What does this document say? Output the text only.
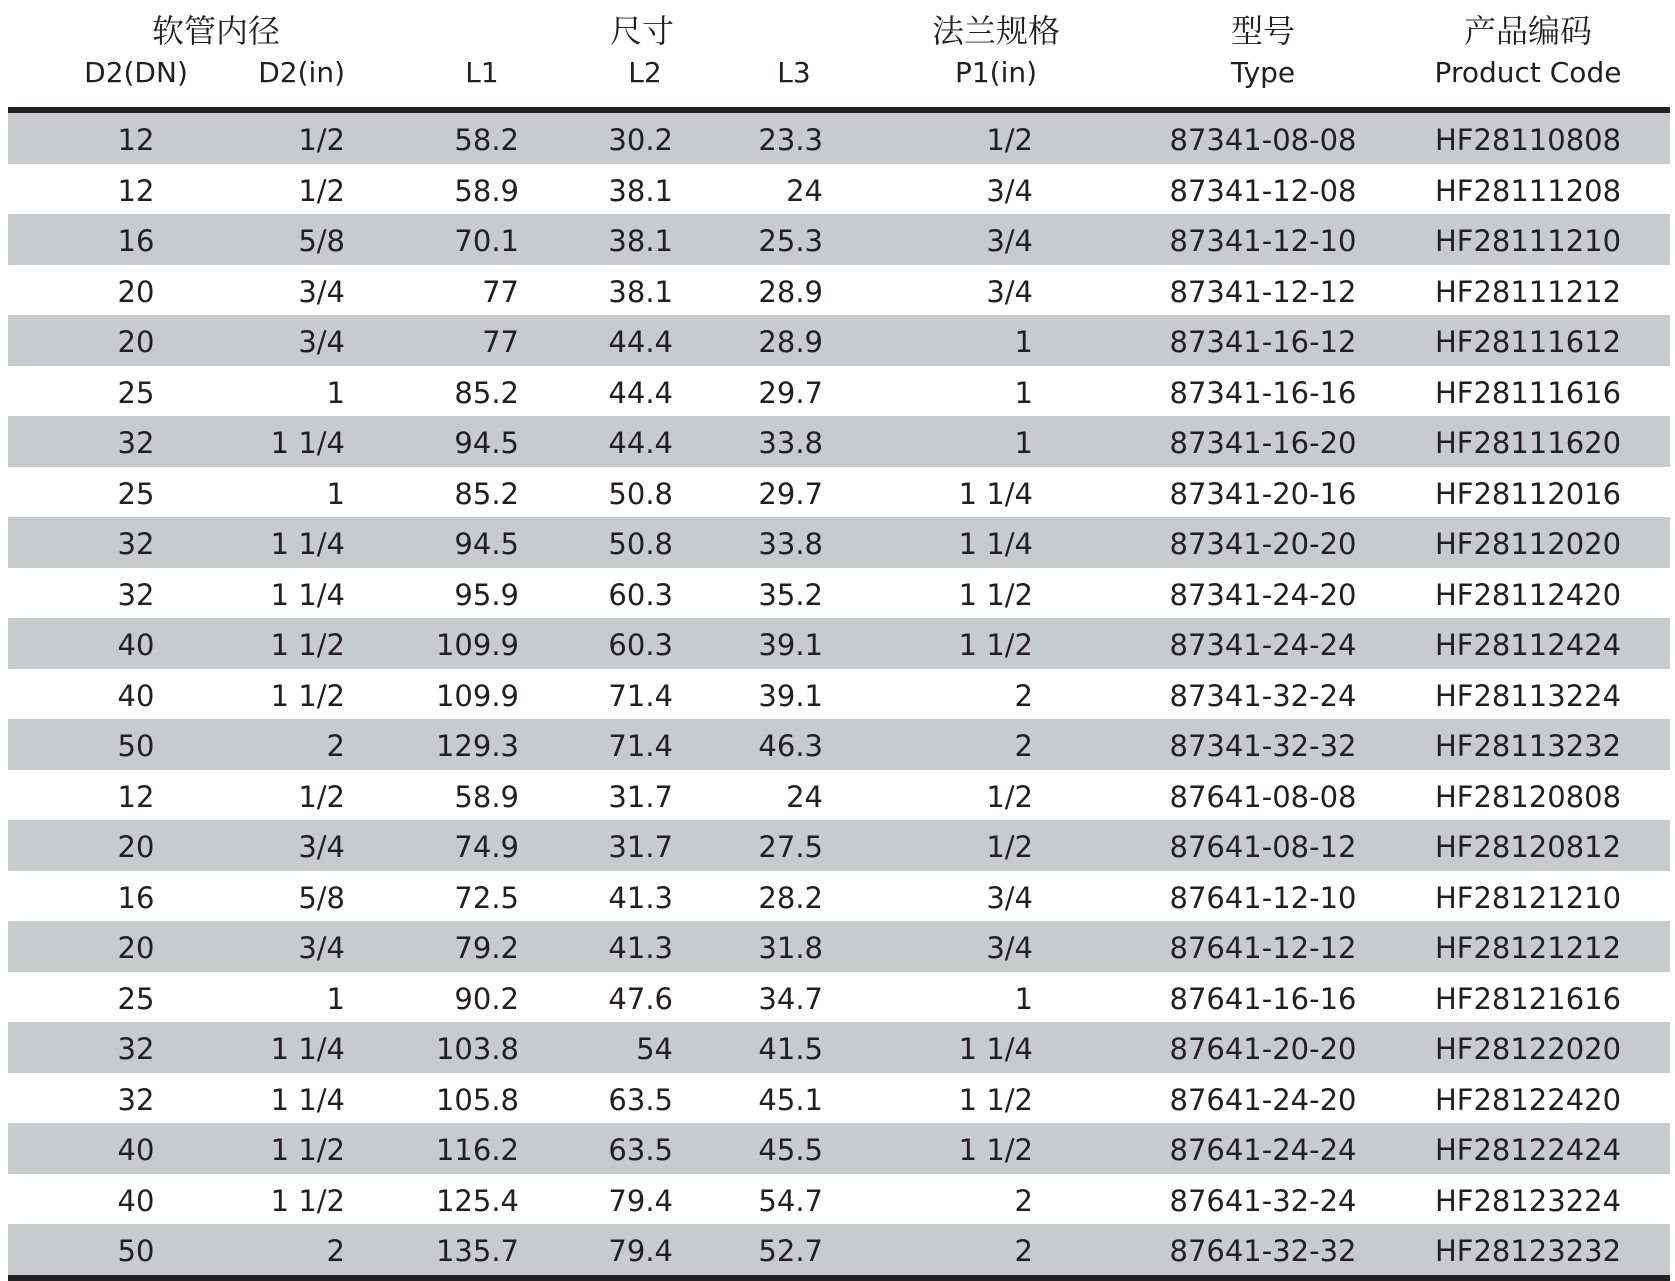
软管内径	尺寸	法兰规格	型号	产品编码
D2(DN)	D2(in)	L1	L2	L3	P1(in)	Type	Product Code
12	1/2	58.2	30.2	23.3	1/2	87341-08-08	HF28110808
12	1/2	58.9	38.1	24	3/4	87341-12-08	HF28111208
16	5/8	70.1	38.1	25.3	3/4	87341-12-10	HF28111210
20	3/4	77	38.1	28.9	3/4	87341-12-12	HF28111212
20	3/4	77	44.4	28.9	1	87341-16-12	HF28111612
25	1	85.2	44.4	29.7	1	87341-16-16	HF28111616
32	1 1/4	94.5	44.4	33.8	1	87341-16-20	HF28111620
25	1	85.2	50.8	29.7	1 1/4	87341-20-16	HF28112016
32	1 1/4	94.5	50.8	33.8	1 1/4	87341-20-20	HF28112020
32	1 1/4	95.9	60.3	35.2	1 1/2	87341-24-20	HF28112420
40	1 1/2	109.9	60.3	39.1	1 1/2	87341-24-24	HF28112424
40	1 1/2	109.9	71.4	39.1	2	87341-32-24	HF28113224
50	2	129.3	71.4	46.3	2	87341-32-32	HF28113232
12	1/2	58.9	31.7	24	1/2	87641-08-08	HF28120808
20	3/4	74.9	31.7	27.5	1/2	87641-08-12	HF28120812
16	5/8	72.5	41.3	28.2	3/4	87641-12-10	HF28121210
20	3/4	79.2	41.3	31.8	3/4	87641-12-12	HF28121212
25	1	90.2	47.6	34.7	1	87641-16-16	HF28121616
32	1 1/4	103.8	54	41.5	1 1/4	87641-20-20	HF28122020
32	1 1/4	105.8	63.5	45.1	1 1/2	87641-24-20	HF28122420
40	1 1/2	116.2	63.5	45.5	1 1/2	87641-24-24	HF28122424
40	1 1/2	125.4	79.4	54.7	2	87641-32-24	HF28123224
50	2	135.7	79.4	52.7	2	87641-32-32	HF28123232
